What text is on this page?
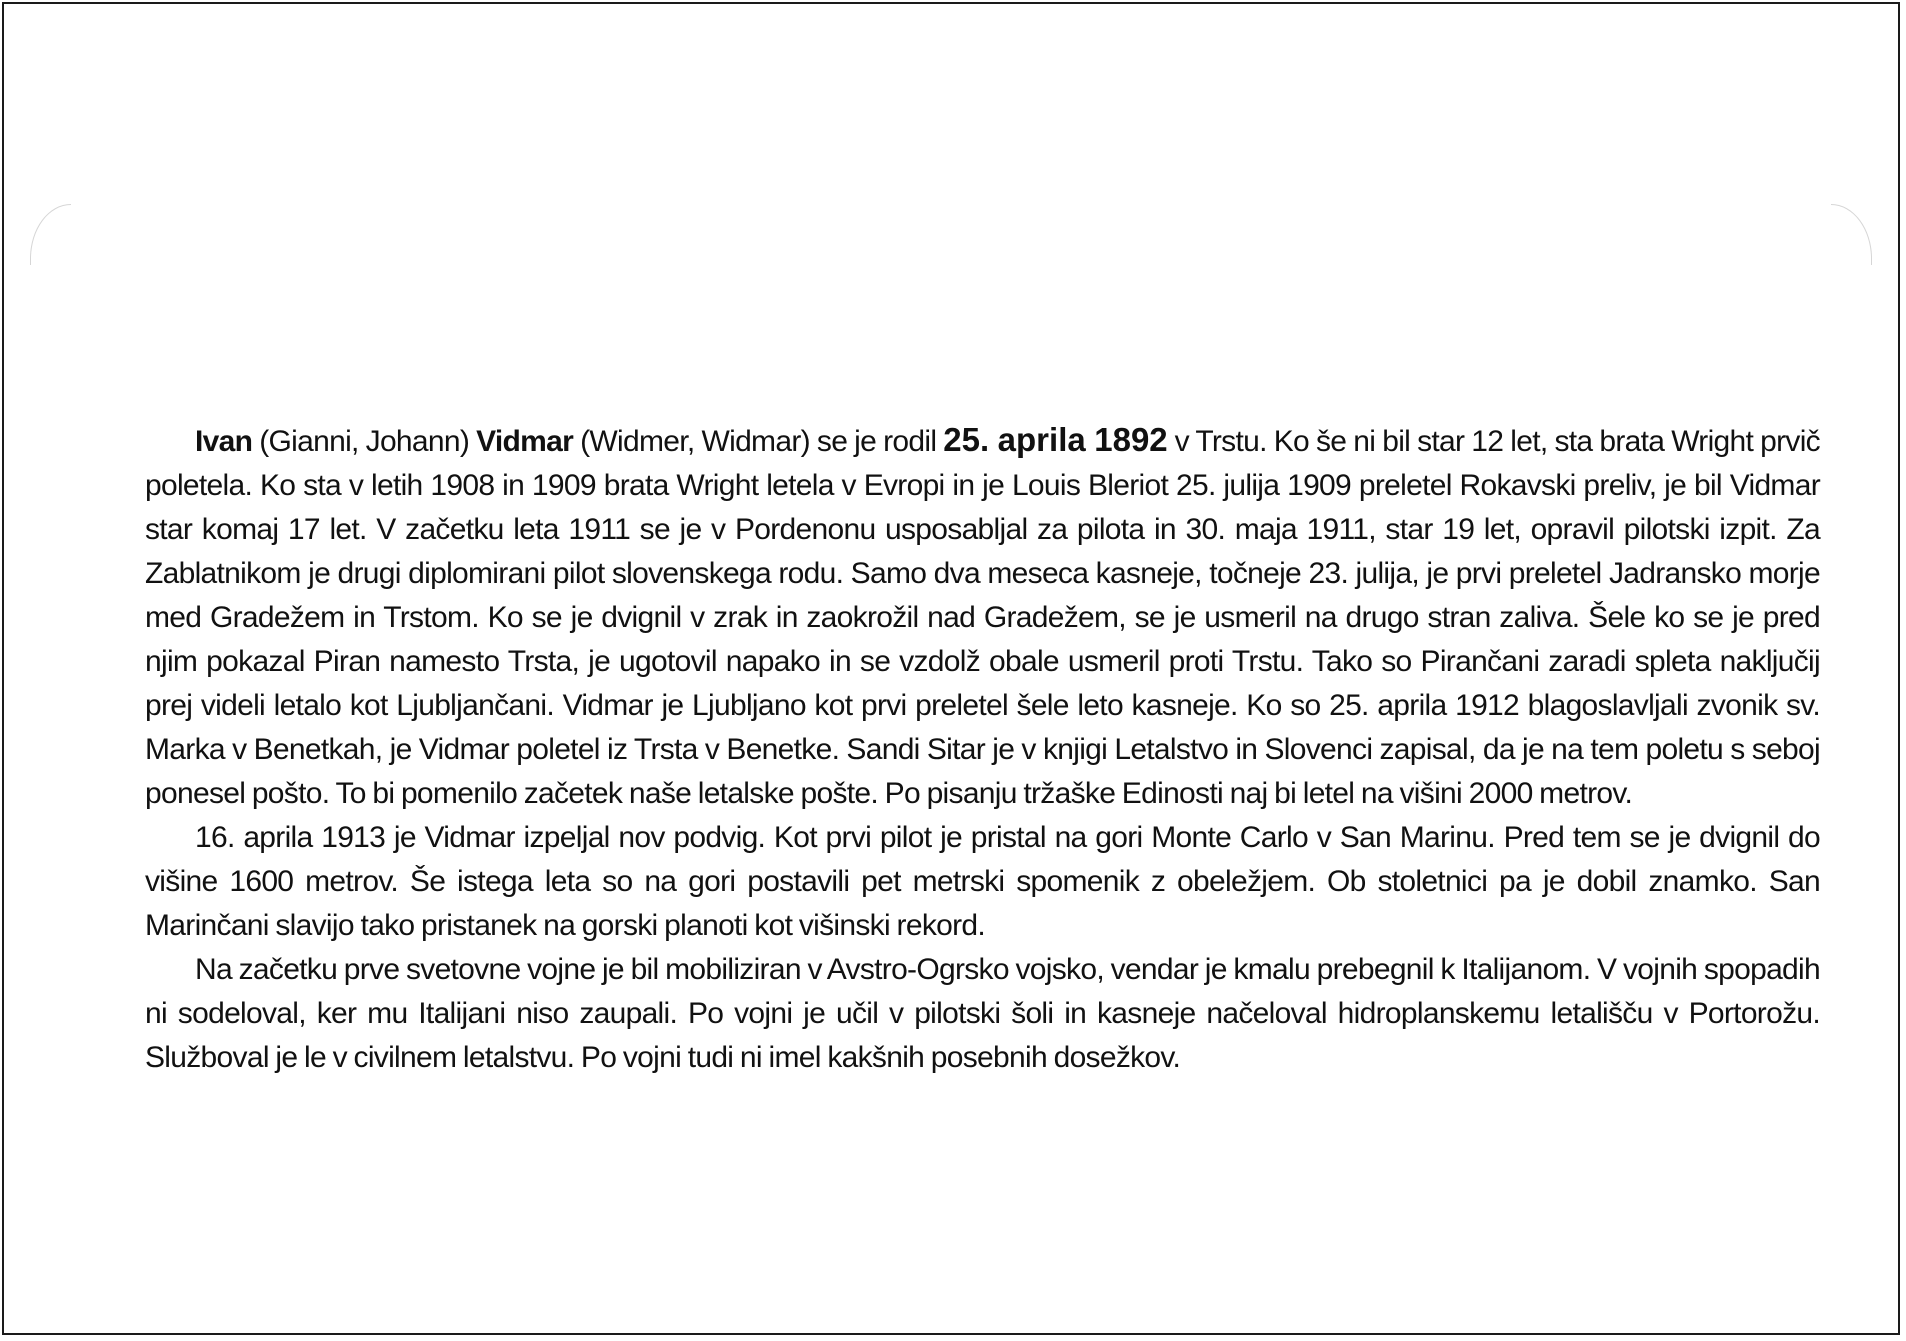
Ivan (Gianni, Johann) Vidmar (Widmer, Widmar) se je rodil 25. aprila 1892 v Trstu. Ko še ni bil star 12 let, sta brata Wright prvič poletela. Ko sta v letih 1908 in 1909 brata Wright letela v Evropi in je Louis Bleriot 25. julija 1909 preletel Rokavski preliv, je bil Vidmar star komaj 17 let. V začetku leta 1911 se je v Pordenonu usposabljal za pilota in 30. maja 1911, star 19 let, opravil pilotski izpit. Za Zablatnikom je drugi diplomirani pilot slovenskega rodu. Samo dva meseca kasneje, točneje 23. julija, je prvi preletel Jadransko morje med Gradežem in Trstom. Ko se je dvignil v zrak in zaokrožil nad Gradežem, se je usmeril na drugo stran zaliva. Šele ko se je pred njim pokazal Piran namesto Trsta, je ugotovil napako in se vzdolž obale usmeril proti Trstu. Tako so Pirančani zaradi spleta naključij prej videli letalo kot Ljubljančani. Vidmar je Ljubljano kot prvi preletel šele leto kasneje. Ko so 25. aprila 1912 blagoslavljali zvonik sv. Marka v Benetkah, je Vidmar poletel iz Trsta v Benetke. Sandi Sitar je v knjigi Letalstvo in Slovenci zapisal, da je na tem poletu s seboj ponesel pošto. To bi pomenilo začetek naše letalske pošte. Po pisanju tržaške Edinosti naj bi letel na višini 2000 metrov.

16. aprila 1913 je Vidmar izpeljal nov podvig. Kot prvi pilot je pristal na gori Monte Carlo v San Marinu. Pred tem se je dvignil do višine 1600 metrov. Še istega leta so na gori postavili pet metrski spomenik z obeležjem. Ob stoletnici pa je dobil znamko. San Marinčani slavijo tako pristanek na gorski planoti kot višinski rekord.

Na začetku prve svetovne vojne je bil mobiliziran v Avstro-Ogrsko vojsko, vendar je kmalu prebegnil k Italijanom. V vojnih spopadih ni sodeloval, ker mu Italijani niso zaupali. Po vojni je učil v pilotski šoli in kasneje načeloval hidroplanskemu letališču v Portorožu. Služboval je le v civilnem letalstvu. Po vojni tudi ni imel kakšnih posebnih dosežkov.
